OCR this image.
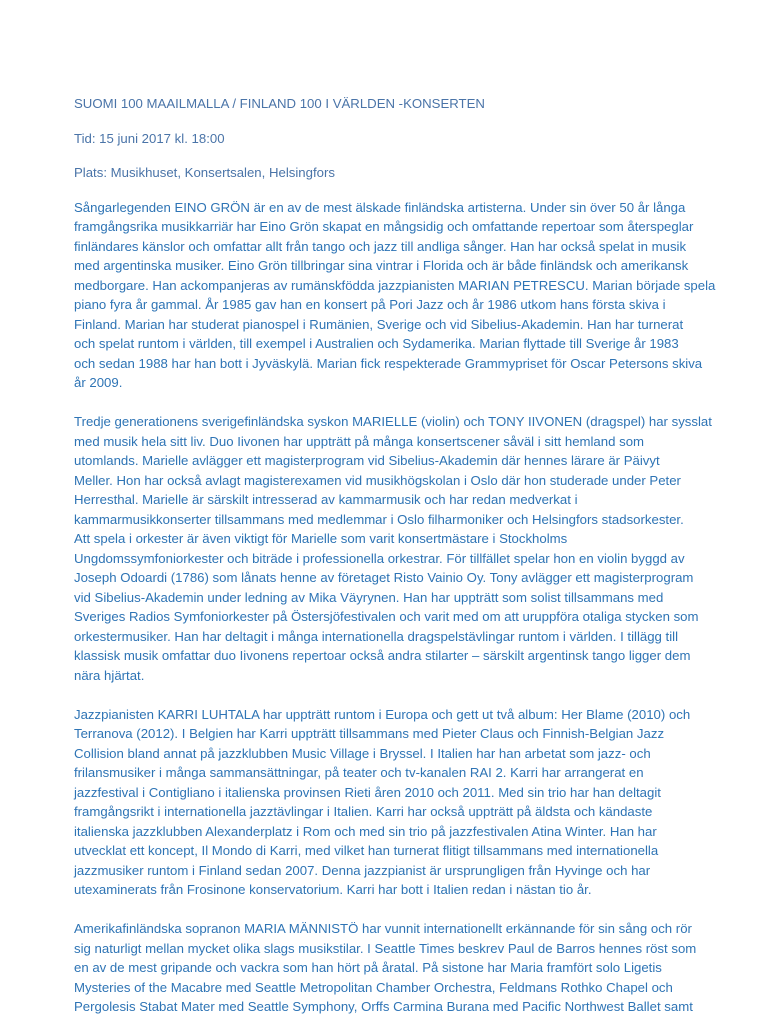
SUOMI 100 MAAILMALLA / FINLAND 100 I VÄRLDEN -KONSERTEN
Tid: 15 juni 2017 kl. 18:00
Plats: Musikhuset, Konsertsalen, Helsingfors
Sångarlegenden EINO GRÖN är en av de mest älskade finländska artisterna. Under sin över 50 år långa
framgångsrika musikkarriär har Eino Grön skapat en mångsidig och omfattande repertoar som återspeglar
finländares känslor och omfattar allt från tango och jazz till andliga sånger. Han har också spelat in musik
med argentinska musiker. Eino Grön tillbringar sina vintrar i Florida och är både finländsk och amerikansk
medborgare. Han ackompanjeras av rumänskfödda jazzpianisten MARIAN PETRESCU. Marian började spela
piano fyra år gammal. År 1985 gav han en konsert på Pori Jazz och år 1986 utkom hans första skiva i
Finland. Marian har studerat pianospel i Rumänien, Sverige och vid Sibelius-Akademin. Han har turnerat
och spelat runtom i världen, till exempel i Australien och Sydamerika. Marian flyttade till Sverige år 1983
och sedan 1988 har han bott i Jyväskylä. Marian fick respekterade Grammypriset för Oscar Petersons skiva
år 2009.
Tredje generationens sverigefinländska syskon MARIELLE (violin) och TONY IIVONEN (dragspel) har sysslat
med musik hela sitt liv. Duo Iivonen har uppträtt på många konsertscener såväl i sitt hemland som
utomlands. Marielle avlägger ett magisterprogram vid Sibelius-Akademin där hennes lärare är Päivyt
Meller. Hon har också avlagt magisterexamen vid musikhögskolan i Oslo där hon studerade under Peter
Herresthal. Marielle är särskilt intresserad av kammarmusik och har redan medverkat i
kammarmusikkonserter tillsammans med medlemmar i Oslo filharmoniker och Helsingfors stadsorkester.
Att spela i orkester är även viktigt för Marielle som varit konsertmästare i Stockholms
Ungdomssymfoniorkester och biträde i professionella orkestrar. För tillfället spelar hon en violin byggd av
Joseph Odoardi (1786) som lånats henne av företaget Risto Vainio Oy. Tony avlägger ett magisterprogram
vid Sibelius-Akademin under ledning av Mika Väyrynen. Han har uppträtt som solist tillsammans med
Sveriges Radios Symfoniorkester på Östersjöfestivalen och varit med om att uruppföra otaliga stycken som
orkestermusiker. Han har deltagit i många internationella dragspelstävlingar runtom i världen. I tillägg till
klassisk musik omfattar duo Iivonens repertoar också andra stilarter – särskilt argentinsk tango ligger dem
nära hjärtat.
Jazzpianisten KARRI LUHTALA har uppträtt runtom i Europa och gett ut två album: Her Blame (2010) och
Terranova (2012). I Belgien har Karri uppträtt tillsammans med Pieter Claus och Finnish-Belgian Jazz
Collision bland annat på jazzklubben Music Village i Bryssel. I Italien har han arbetat som jazz- och
frilansmusiker i många sammansättningar, på teater och tv-kanalen RAI 2. Karri har arrangerat en
jazzfestival i Contigliano i italienska provinsen Rieti åren 2010 och 2011. Med sin trio har han deltagit
framgångsrikt i internationella jazztävlingar i Italien. Karri har också uppträtt på äldsta och kändaste
italienska jazzklubben Alexanderplatz i Rom och med sin trio på jazzfestivalen Atina Winter. Han har
utvecklat ett koncept, Il Mondo di Karri, med vilket han turnerat flitigt tillsammans med internationella
jazzmusiker runtom i Finland sedan 2007. Denna jazzpianist är ursprungligen från Hyvinge och har
utexaminerats från Frosinone konservatorium. Karri har bott i Italien redan i nästan tio år.
Amerikafinländska sopranon MARIA MÄNNISTÖ har vunnit internationellt erkännande för sin sång och rör
sig naturligt mellan mycket olika slags musikstilar. I Seattle Times beskrev Paul de Barros hennes röst som
en av de mest gripande och vackra som han hört på åratal. På sistone har Maria framfört solo Ligetis
Mysteries of the Macabre med Seattle Metropolitan Chamber Orchestra, Feldmans Rothko Chapel och
Pergolesis Stabat Mater med Seattle Symphony, Orffs Carmina Burana med Pacific Northwest Ballet samt
